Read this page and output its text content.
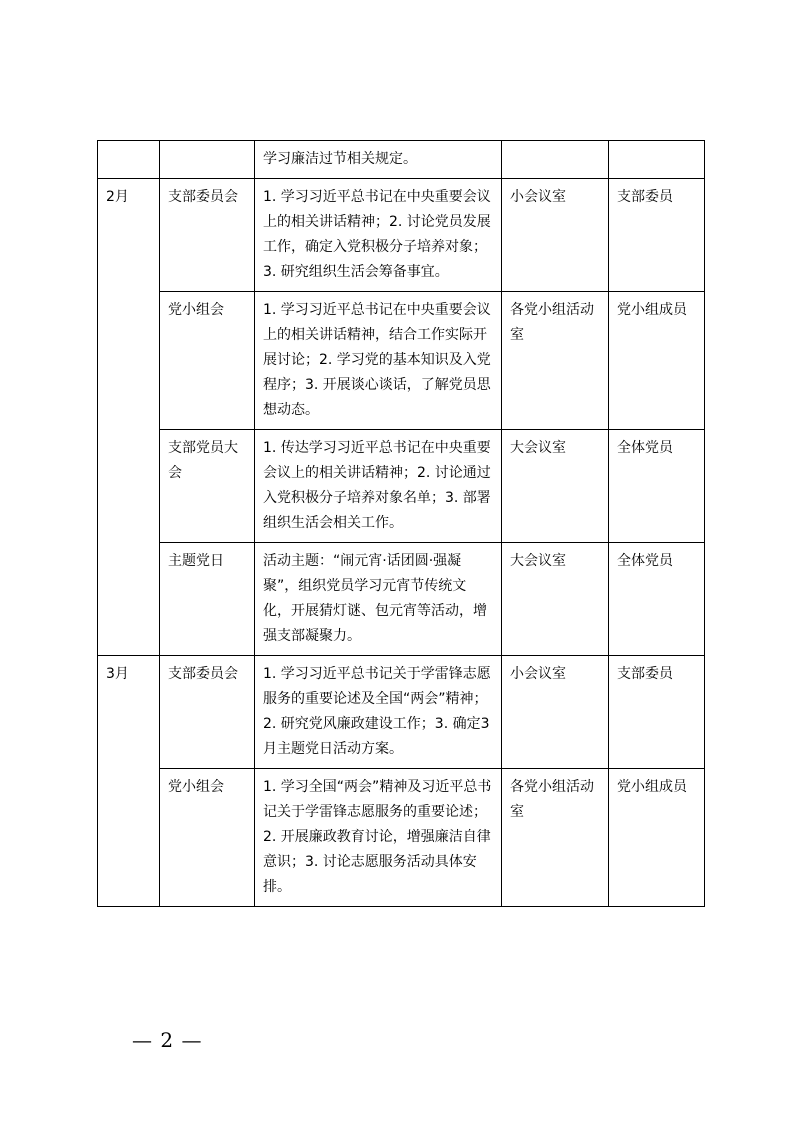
		学习廉洁过节相关规定。		
2月	支部委员会	1. 学习习近平总书记在中央重要会议上的相关讲话精神；2. 讨论党员发展工作，确定入党积极分子培养对象；3. 研究组织生活会筹备事宜。	小会议室	支部委员
	党小组会	1. 学习习近平总书记在中央重要会议上的相关讲话精神，结合工作实际开展讨论；2. 学习党的基本知识及入党程序；3. 开展谈心谈话，了解党员思想动态。	各党小组活动室	党小组成员
	支部党员大会	1. 传达学习习近平总书记在中央重要会议上的相关讲话精神；2. 讨论通过入党积极分子培养对象名单；3. 部署组织生活会相关工作。	大会议室	全体党员
	主题党日	活动主题：“闹元宵·话团圆·强凝聚”，组织党员学习元宵节传统文化，开展猜灯谜、包元宵等活动，增强支部凝聚力。	大会议室	全体党员
3月	支部委员会	1. 学习习近平总书记关于学雷锋志愿服务的重要论述及全国“两会”精神；2. 研究党风廉政建设工作；3. 确定3月主题党日活动方案。	小会议室	支部委员
	党小组会	1. 学习全国“两会”精神及习近平总书记关于学雷锋志愿服务的重要论述；2. 开展廉政教育讨论，增强廉洁自律意识；3. 讨论志愿服务活动具体安排。	各党小组活动室	党小组成员
— 2 —
